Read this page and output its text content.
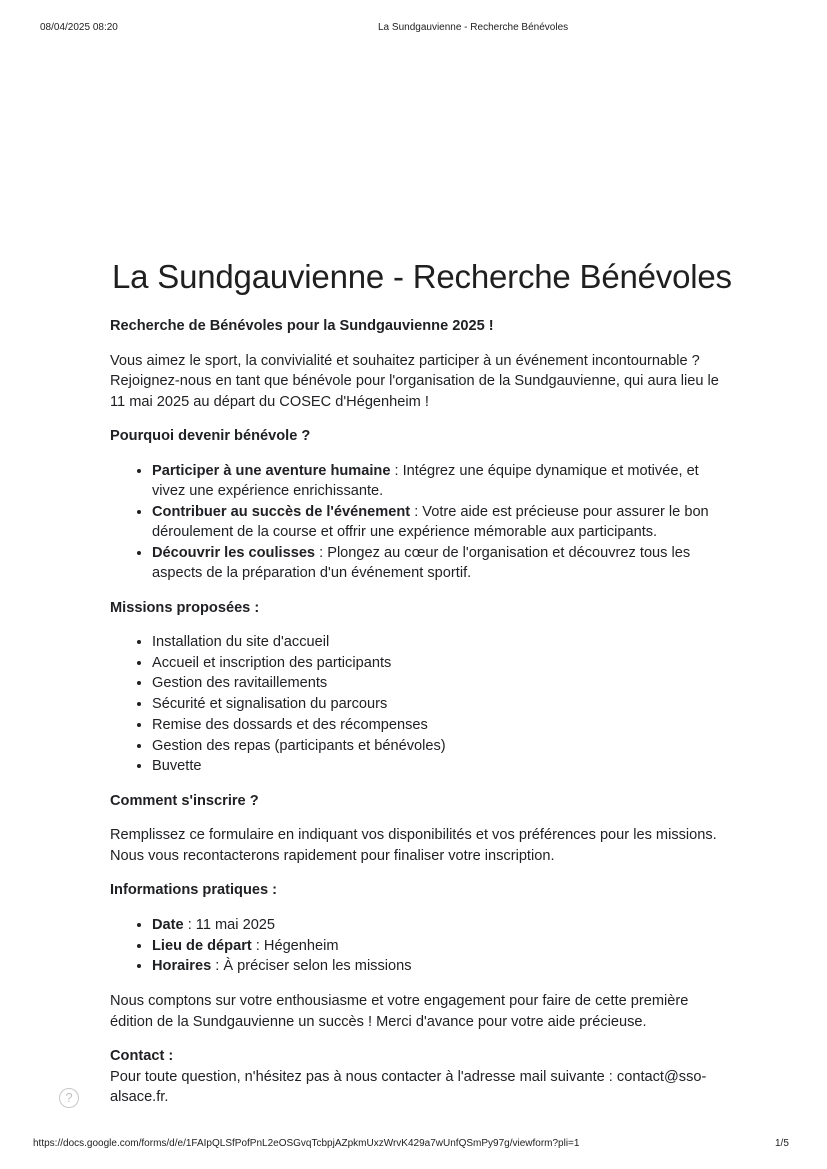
08/04/2025 08:20	La Sundgauvienne - Recherche Bénévoles
La Sundgauvienne - Recherche Bénévoles

Recherche de Bénévoles pour la Sundgauvienne 2025 !

Vous aimez le sport, la convivialité et souhaitez participer à un événement incontournable ? Rejoignez-nous en tant que bénévole pour l'organisation de la Sundgauvienne, qui aura lieu le 11 mai 2025 au départ du COSEC d'Hégenheim !

Pourquoi devenir bénévole ?

• Participer à une aventure humaine : Intégrez une équipe dynamique et motivée, et vivez une expérience enrichissante.
• Contribuer au succès de l'événement : Votre aide est précieuse pour assurer le bon déroulement de la course et offrir une expérience mémorable aux participants.
• Découvrir les coulisses : Plongez au cœur de l'organisation et découvrez tous les aspects de la préparation d'un événement sportif.

Missions proposées :

• Installation du site d'accueil
• Accueil et inscription des participants
• Gestion des ravitaillements
• Sécurité et signalisation du parcours
• Remise des dossards et des récompenses
• Gestion des repas (participants et bénévoles)
• Buvette

Comment s'inscrire ?

Remplissez ce formulaire en indiquant vos disponibilités et vos préférences pour les missions. Nous vous recontacterons rapidement pour finaliser votre inscription.

Informations pratiques :

• Date : 11 mai 2025
• Lieu de départ : Hégenheim
• Horaires : À préciser selon les missions

Nous comptons sur votre enthousiasme et votre engagement pour faire de cette première édition de la Sundgauvienne un succès ! Merci d'avance pour votre aide précieuse.

Contact :

Pour toute question, n'hésitez pas à nous contacter à l'adresse mail suivante : contact@sso-alsace.fr.

?
https://docs.google.com/forms/d/e/1FAIpQLSfPofPnL2eOSGvqTcbpjAZpkmUxzWrvK429a7wUnfQSmPy97g/viewform?pli=1	1/5
